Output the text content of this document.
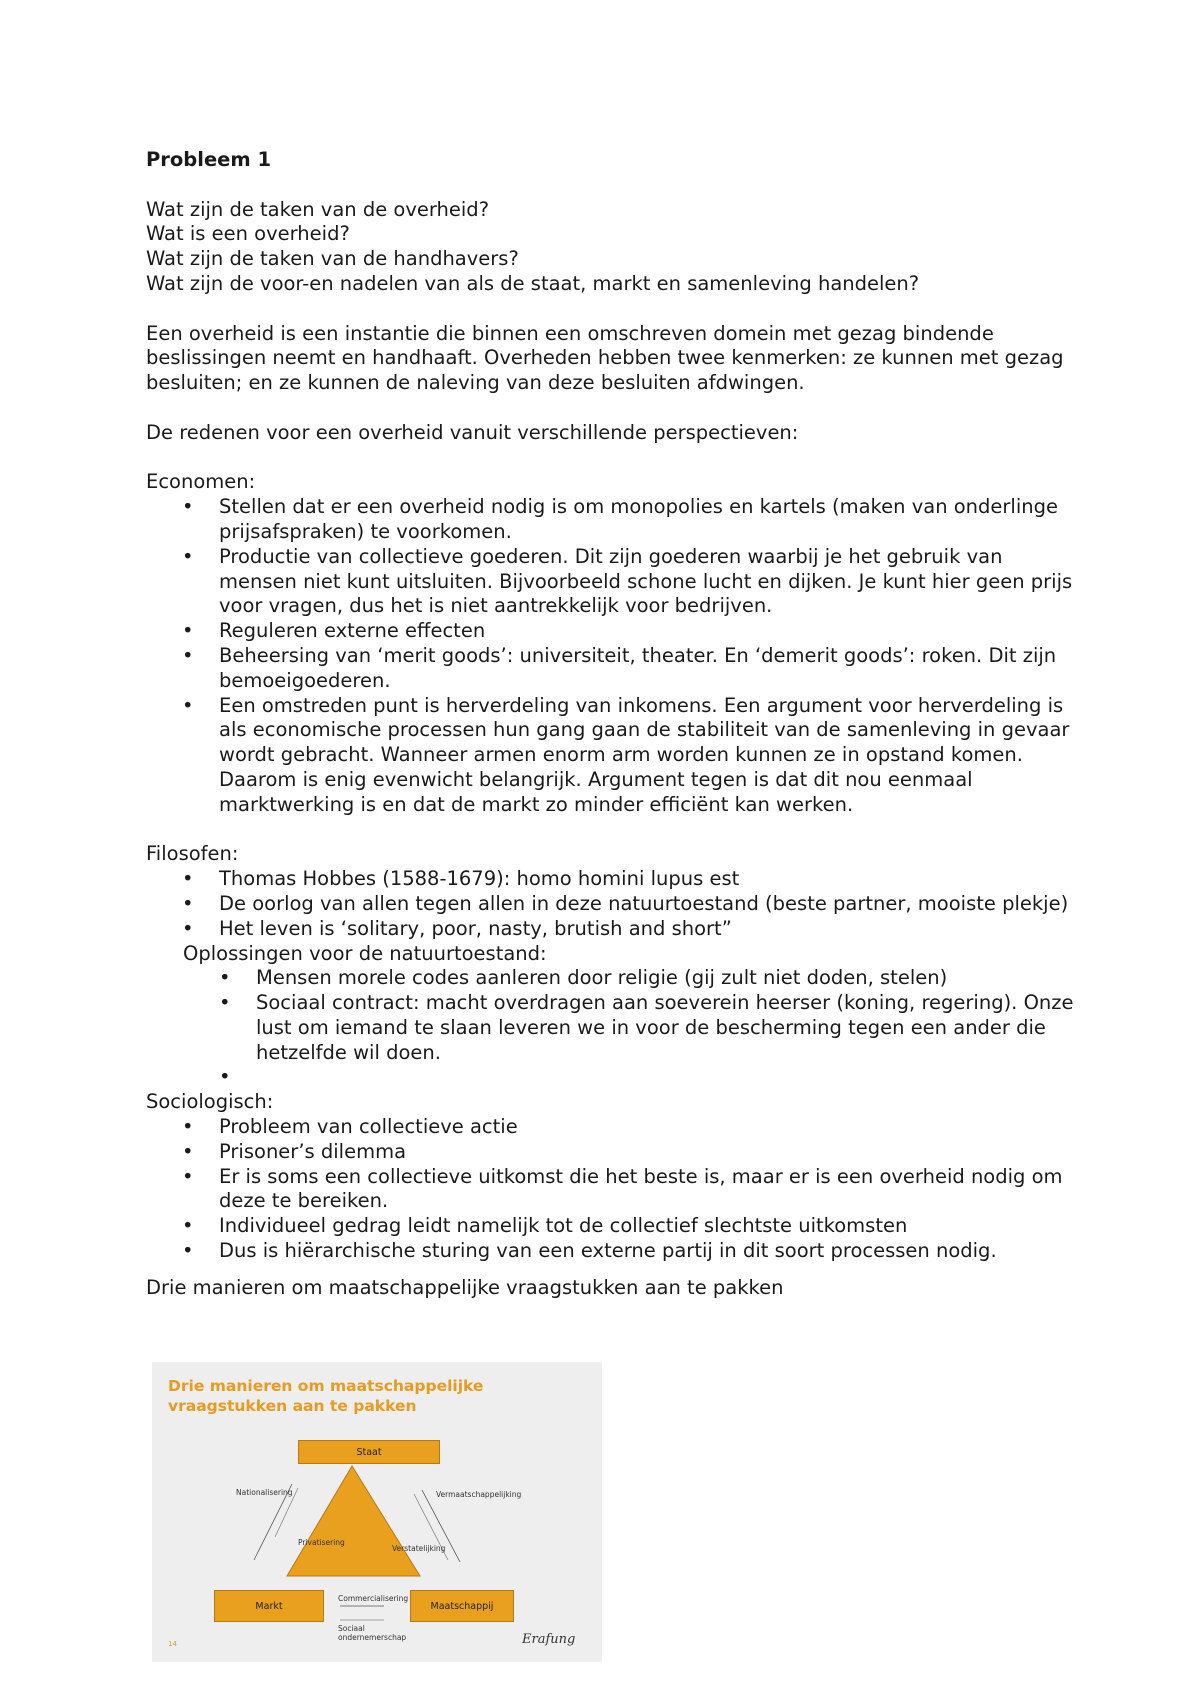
Probleem 1

Wat zijn de taken van de overheid?

Wat is een overheid?

Wat zijn de taken van de handhavers?

Wat zijn de voor-en nadelen van als de staat, markt en samenleving handelen?

Een overheid is een instantie die binnen een omschreven domein met gezag bindende beslissingen neemt en handhaaft. Overheden hebben twee kenmerken: ze kunnen met gezag besluiten; en ze kunnen de naleving van deze besluiten afdwingen.

De redenen voor een overheid vanuit verschillende perspectieven:

Economen:

• Stellen dat er een overheid nodig is om monopolies en kartels (maken van onderlinge prijsafspraken) te voorkomen.
• Productie van collectieve goederen. Dit zijn goederen waarbij je het gebruik van mensen niet kunt uitsluiten. Bijvoorbeeld schone lucht en dijken. Je kunt hier geen prijs voor vragen, dus het is niet aantrekkelijk voor bedrijven.
• Reguleren externe effecten
• Beheersing van ‘merit goods’: universiteit, theater. En ‘demerit goods’: roken. Dit zijn bemoeigoederen.
• Een omstreden punt is herverdeling van inkomens. Een argument voor herverdeling is als economische processen hun gang gaan de stabiliteit van de samenleving in gevaar wordt gebracht. Wanneer armen enorm arm worden kunnen ze in opstand komen. Daarom is enig evenwicht belangrijk. Argument tegen is dat dit nou eenmaal marktwerking is en dat de markt zo minder efficiënt kan werken.

Filosofen:

• Thomas Hobbes (1588-1679): homo homini lupus est
• De oorlog van allen tegen allen in deze natuurtoestand (beste partner, mooiste plekje)
• Het leven is ‘solitary, poor, nasty, brutish and short”

Oplossingen voor de natuurtoestand:

• Mensen morele codes aanleren door religie (gij zult niet doden, stelen)
• Sociaal contract: macht overdragen aan soeverein heerser (koning, regering). Onze lust om iemand te slaan leveren we in voor de bescherming tegen een ander die hetzelfde wil doen.
•

Sociologisch:

• Probleem van collectieve actie
• Prisoner’s dilemma
• Er is soms een collectieve uitkomst die het beste is, maar er is een overheid nodig om deze te bereiken.
• Individueel gedrag leidt namelijk tot de collectief slechtste uitkomsten
• Dus is hiërarchische sturing van een externe partij in dit soort processen nodig.

Drie manieren om maatschappelijke vraagstukken aan te pakken

Drie manieren om maatschappelijke vraagstukken aan te pakken
Staat
Markt	Maatschappij
Nationalisering
Privatisering
Vermaatschappelijking
Verstatelijking
Commercialisering
Sociaal ondernemerschap
14	Erafung
